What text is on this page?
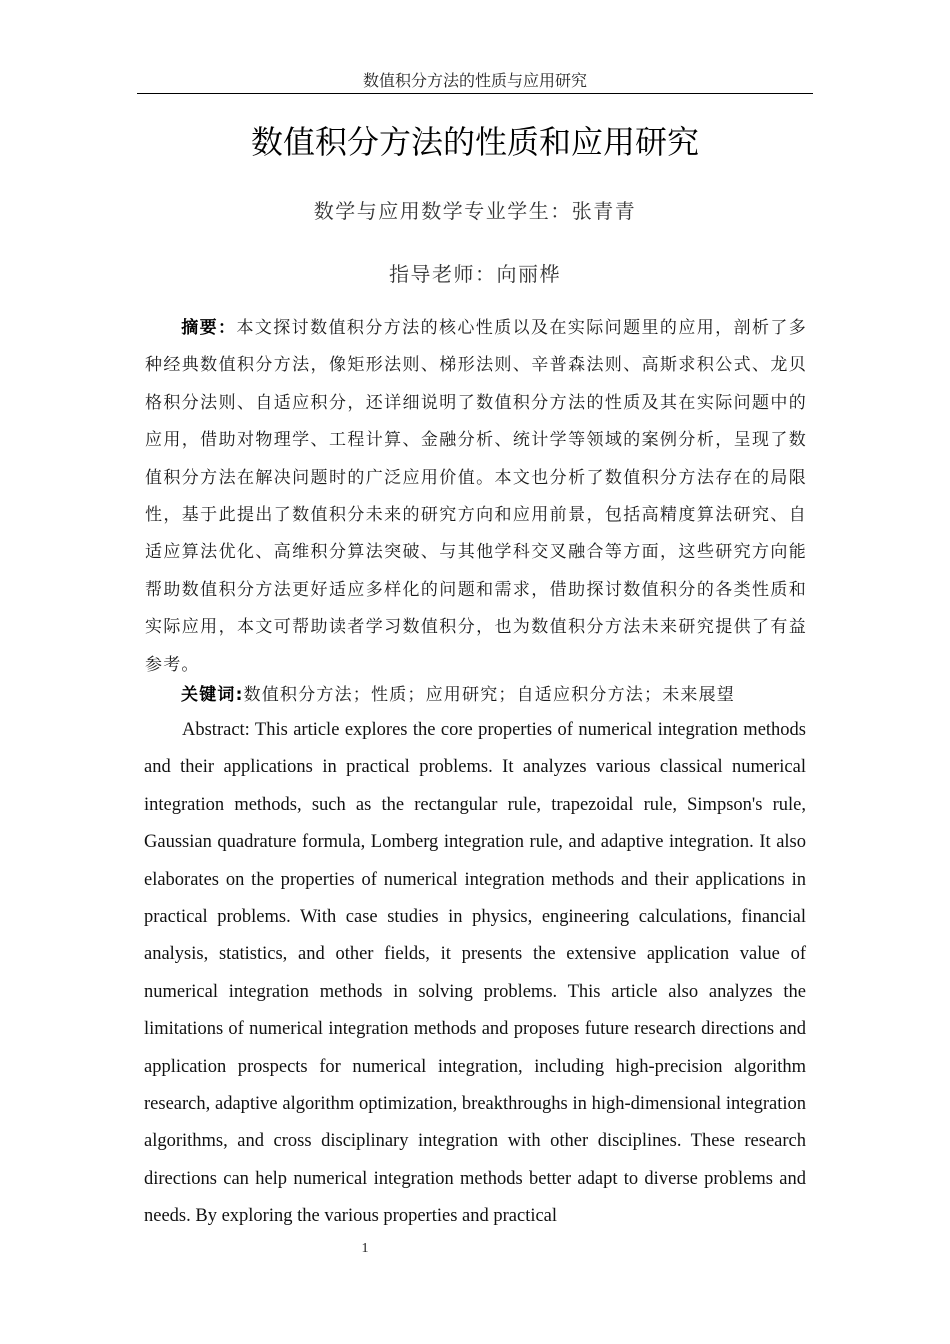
数值积分方法的性质与应用研究
数值积分方法的性质和应用研究
数学与应用数学专业学生：张青青
指导老师：向丽桦

摘要：本文探讨数值积分方法的核心性质以及在实际问题里的应用，剖析了多种经典数值积分方法，像矩形法则、梯形法则、辛普森法则、高斯求积公式、龙贝格积分法则、自适应积分，还详细说明了数值积分方法的性质及其在实际问题中的应用，借助对物理学、工程计算、金融分析、统计学等领域的案例分析，呈现了数值积分方法在解决问题时的广泛应用价值。本文也分析了数值积分方法存在的局限性，基于此提出了数值积分未来的研究方向和应用前景，包括高精度算法研究、自适应算法优化、高维积分算法突破、与其他学科交叉融合等方面，这些研究方向能帮助数值积分方法更好适应多样化的问题和需求，借助探讨数值积分的各类性质和实际应用，本文可帮助读者学习数值积分，也为数值积分方法未来研究提供了有益参考。

关键词:数值积分方法；性质；应用研究；自适应积分方法；未来展望

Abstract: This article explores the core properties of numerical integration methods and their applications in practical problems. It analyzes various classical numerical integration methods, such as the rectangular rule, trapezoidal rule, Simpson's rule, Gaussian quadrature formula, Lomberg integration rule, and adaptive integration. It also elaborates on the properties of numerical integration methods and their applications in practical problems. With case studies in physics, engineering calculations, financial analysis, statistics, and other fields, it presents the extensive application value of numerical integration methods in solving problems. This article also analyzes the limitations of numerical integration methods and proposes future research directions and application prospects for numerical integration, including high-precision algorithm research, adaptive algorithm optimization, breakthroughs in high-dimensional integration algorithms, and cross disciplinary integration with other disciplines. These research directions can help numerical integration methods better adapt to diverse problems and needs. By exploring the various properties and practical

1
